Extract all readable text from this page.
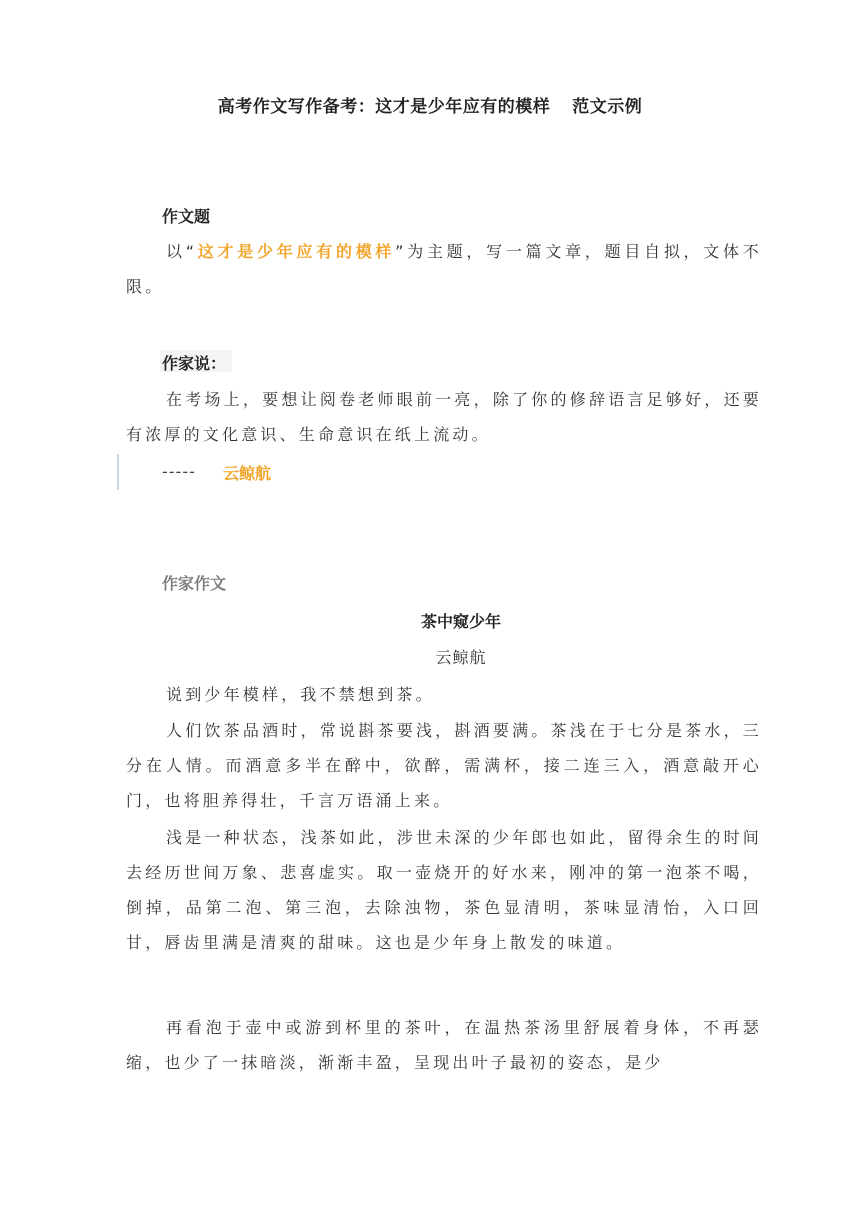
高考作文写作备考：这才是少年应有的模样 范文示例
作文题
以“这才是少年应有的模样”为主题，写一篇文章，题目自拟，文体不限。
作家说：
在考场上，要想让阅卷老师眼前一亮，除了你的修辞语言足够好，还要有浓厚的文化意识、生命意识在纸上流动。
----- 云鲸航
作家作文
茶中窥少年
云鲸航
说到少年模样，我不禁想到茶。
人们饮茶品酒时，常说斟茶要浅，斟酒要满。茶浅在于七分是茶水，三分在人情。而酒意多半在醉中，欲醉，需满杯，接二连三入，酒意敲开心门，也将胆养得壮，千言万语涌上来。
浅是一种状态，浅茶如此，涉世未深的少年郎也如此，留得余生的时间去经历世间万象、悲喜虚实。取一壶烧开的好水来，刚冲的第一泡茶不喝，倒掉，品第二泡、第三泡，去除浊物，茶色显清明，茶味显清怡，入口回甘，唇齿里满是清爽的甜味。这也是少年身上散发的味道。
再看泡于壶中或游到杯里的茶叶，在温热茶汤里舒展着身体，不再瑟缩，也少了一抹暗淡，渐渐丰盈，呈现出叶子最初的姿态，是少
